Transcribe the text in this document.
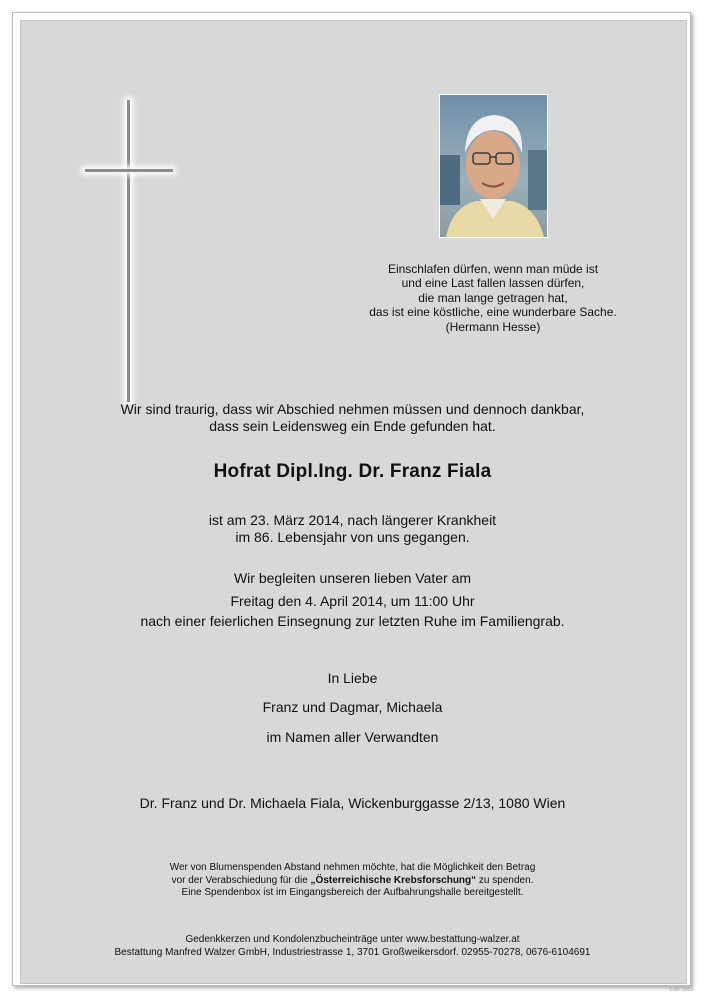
Einschlafen dürfen, wenn man müde ist
und eine Last fallen lassen dürfen,
die man lange getragen hat,
das ist eine köstliche, eine wunderbare Sache.
(Hermann Hesse)
Wir sind traurig, dass wir Abschied nehmen müssen und dennoch dankbar,
dass sein Leidensweg ein Ende gefunden hat.
Hofrat Dipl.Ing. Dr. Franz Fiala
ist am 23. März 2014, nach längerer Krankheit
im 86. Lebensjahr von uns gegangen.
Wir begleiten unseren lieben Vater am
Freitag den 4. April 2014, um 11:00 Uhr
nach einer feierlichen Einsegnung zur letzten Ruhe im Familiengrab.
In Liebe
Franz und Dagmar, Michaela
im Namen aller Verwandten
Dr. Franz und Dr. Michaela Fiala, Wickenburggasse 2/13, 1080 Wien
Wer von Blumenspenden Abstand nehmen möchte, hat die Möglichkeit den Betrag
vor der Verabschiedung für die „Österreichische Krebsforschung“ zu spenden.
Eine Spendenbox ist im Eingangsbereich der Aufbahrungshalle bereitgestellt.
Gedenkkerzen und Kondolenzbucheinträge unter www.bestattung-walzer.at
Bestattung Manfred Walzer GmbH, Industriestrasse 1, 3701 Großweikersdorf. 02955-70278, 0676-6104691
© BP 9559
